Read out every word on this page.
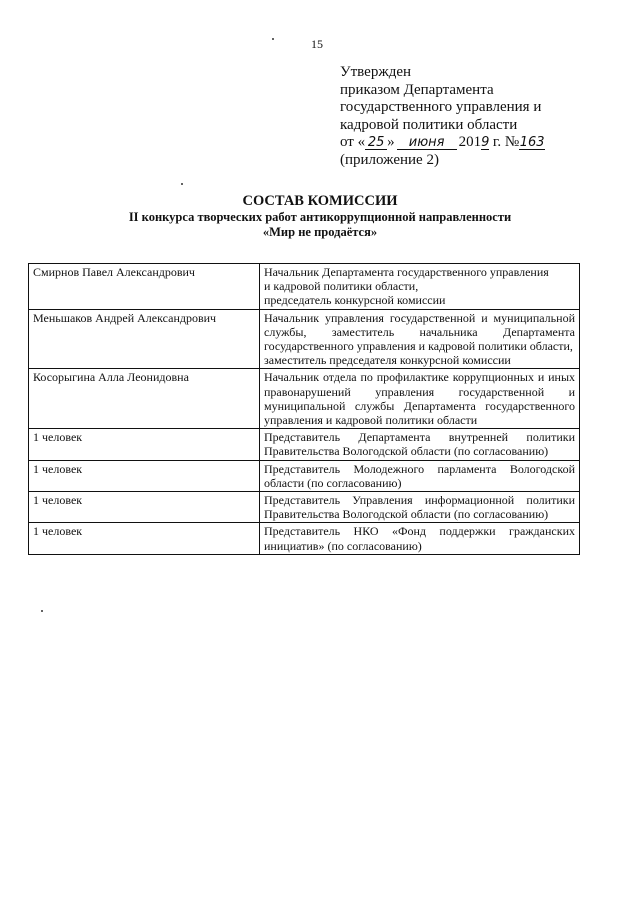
15
Утвержден
приказом Департамента
государственного управления и
кадровой политики области
от « 25 » июня 2019 г. №163
(приложение 2)
СОСТАВ КОМИССИИ
II конкурса творческих работ антикоррупционной направленности
«Мир не продаётся»
Смирнов Павел Александрович	Начальник Департамента государственного управления
и кадровой политики области,
председатель конкурсной комиссии
Меньшаков Андрей Александрович	Начальник управления государственной и муниципальной службы, заместитель начальника Департамента государственного управления и кадровой политики области,
заместитель председателя конкурсной комиссии
Косорыгина Алла Леонидовна	Начальник отдела по профилактике коррупционных и иных правонарушений управления государственной и муниципальной службы Департамента государственного управления и кадровой политики области
1 человек	Представитель Департамента внутренней политики Правительства Вологодской области (по согласованию)
1 человек	Представитель Молодежного парламента Вологодской области (по согласованию)
1 человек	Представитель Управления информационной политики Правительства Вологодской области (по согласованию)
1 человек	Представитель НКО «Фонд поддержки гражданских инициатив» (по согласованию)
